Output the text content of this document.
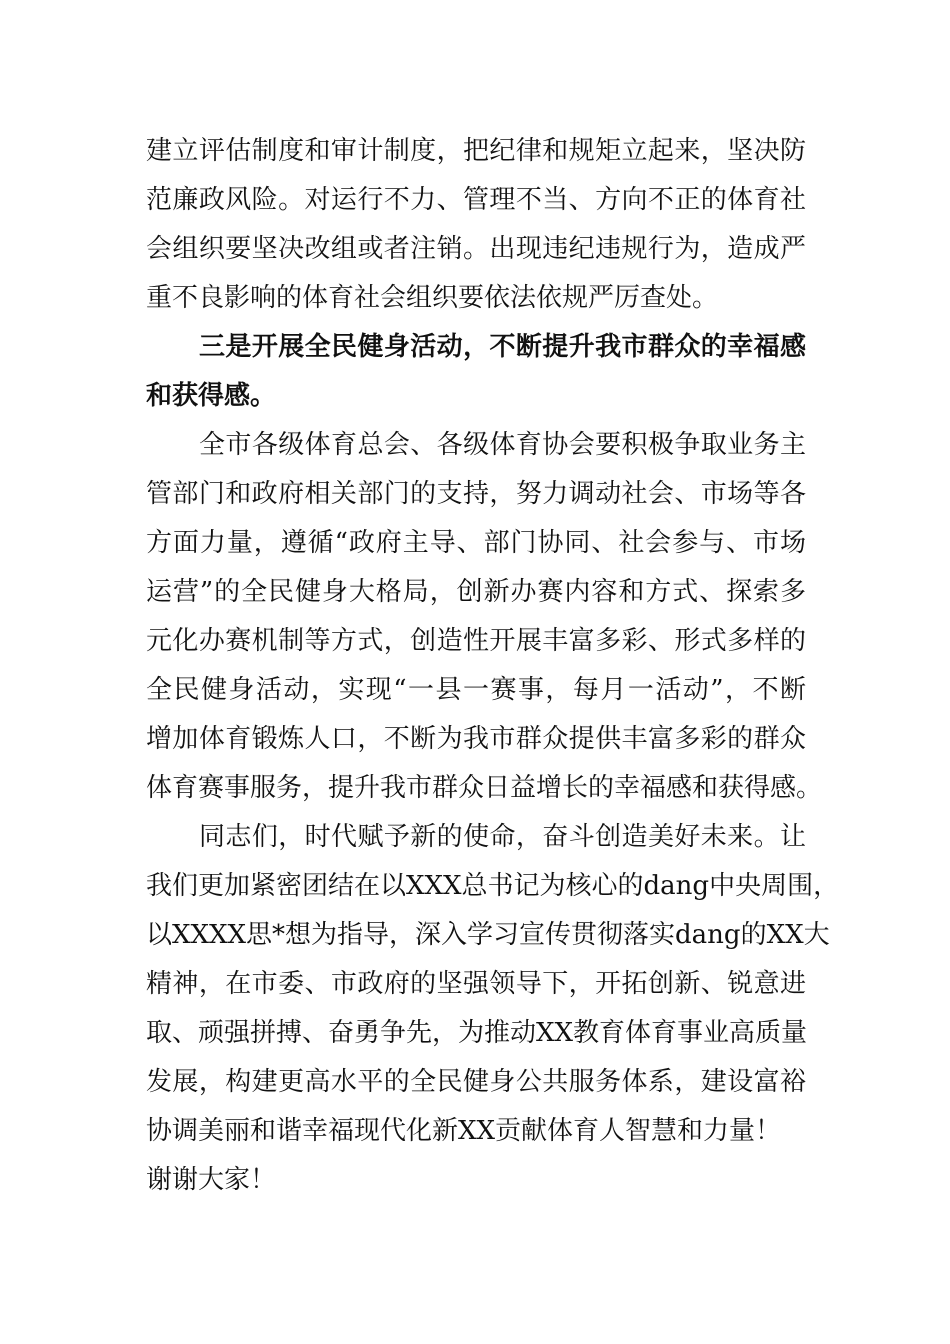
建立评估制度和审计制度，把纪律和规矩立起来，坚决防
范廉政风险。对运行不力、管理不当、方向不正的体育社
会组织要坚决改组或者注销。出现违纪违规行为，造成严
重不良影响的体育社会组织要依法依规严厉查处。
三是开展全民健身活动，不断提升我市群众的幸福感
和获得感。
全市各级体育总会、各级体育协会要积极争取业务主
管部门和政府相关部门的支持，努力调动社会、市场等各
方面力量，遵循“政府主导、部门协同、社会参与、市场
运营”的全民健身大格局，创新办赛内容和方式、探索多
元化办赛机制等方式，创造性开展丰富多彩、形式多样的
全民健身活动，实现“一县一赛事，每月一活动”，不断
增加体育锻炼人口，不断为我市群众提供丰富多彩的群众
体育赛事服务，提升我市群众日益增长的幸福感和获得感。
同志们，时代赋予新的使命，奋斗创造美好未来。让
我们更加紧密团结在以XXX总书记为核心的dang中央周围，
以XXXX思*想为指导，深入学习宣传贯彻落实dang的XX大
精神，在市委、市政府的坚强领导下，开拓创新、锐意进
取、顽强拼搏、奋勇争先，为推动XX教育体育事业高质量
发展，构建更高水平的全民健身公共服务体系，建设富裕
协调美丽和谐幸福现代化新XX贡献体育人智慧和力量！
谢谢大家！
